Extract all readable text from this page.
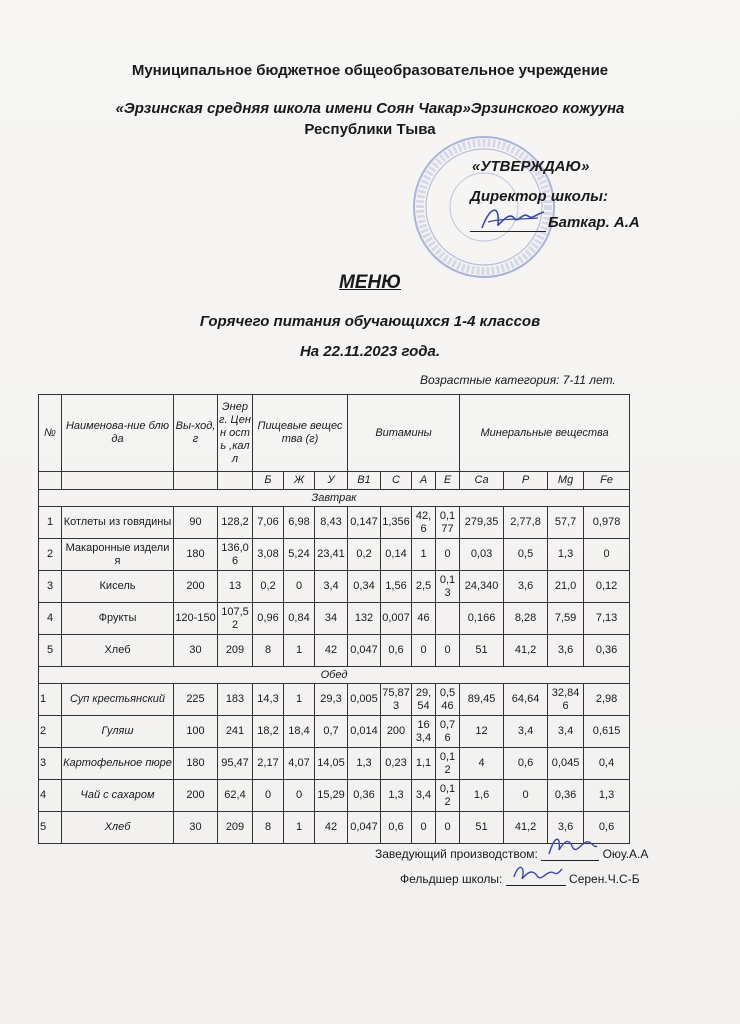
Муниципальное бюджетное общеобразовательное учреждение
«Эрзинская средняя школа имени Соян Чакар»Эрзинского кожууна
Республики Тыва
«УТВЕРЖДАЮ»
Директор школы:
Баткар. А.А
МЕНЮ
Горячего питания обучающихся 1-4 классов
На 22.11.2023 года.
Возрастные категория: 7-11 лет.
№	Наименова-ние блюда	Вы-ход,г	Энер г. Ценн ость ,калл	Пищевые вещества (г)			Витамины				Минеральные вещества			
				Б	Ж	У	В1	С	А	Е	Са	Р	Mg	Fe
Завтрак														
1	Котлеты из говядины	90	128,2	7,06	6,98	8,43	0,147	1,356	42,6	0,177	279,35	2,77,8	57,7	0,978
2	Макаронные изделия	180	136,06	3,08	5,24	23,41	0,2	0,14	1	0	0,03	0,5	1,3	0
3	Кисель	200	13	0,2	0	3,4	0,34	1,56	2,5	0,13	24,340	3,6	21,0	0,12
4	Фрукты	120-150	107,52	0,96	0,84	34	132	0,007	46		0,166	8,28	7,59	7,13
5	Хлеб	30	209	8	1	42	0,047	0,6	0	0	51	41,2	3,6	0,36
Обед														
1	Суп крестьянский	225	183	14,3	1	29,3	0,005	75,873	29,54	0,546	89,45	64,64	32,846	2,98
2	Гуляш	100	241	18,2	18,4	0,7	0,014	200	163,4	0,76	12	3,4	3,4	0,615
3	Картофельное пюре	180	95,47	2,17	4,07	14,05	1,3	0,23	1,1	0,12	4	0,6	0,045	0,4
4	Чай с сахаром	200	62,4	0	0	15,29	0,36	1,3	3,4	0,12	1,6	0	0,36	1,3
5	Хлеб	30	209	8	1	42	0,047	0,6	0	0	51	41,2	3,6	0,6
Заведующий производством:	Оюу.А.А
Фельдшер школы:	Серен.Ч.С-Б
